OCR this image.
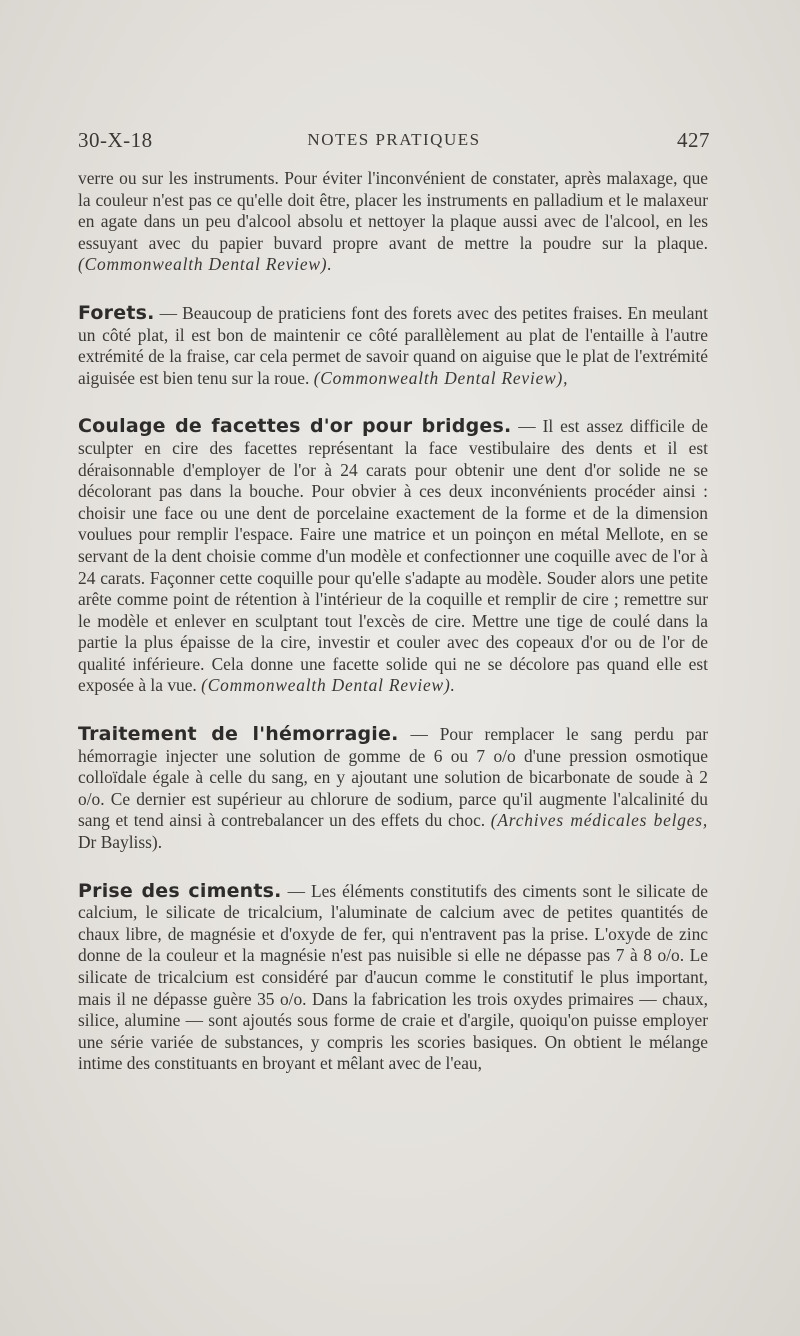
30-X-18	NOTES PRATIQUES	427

verre ou sur les instruments. Pour éviter l'inconvénient de constater, après malaxage, que la couleur n'est pas ce qu'elle doit être, placer les instruments en palladium et le malaxeur en agate dans un peu d'alcool absolu et nettoyer la plaque aussi avec de l'alcool, en les essuyant avec du papier buvard propre avant de mettre la poudre sur la plaque. (Commonwealth Dental Review).

Forets. — Beaucoup de praticiens font des forets avec des petites fraises. En meulant un côté plat, il est bon de maintenir ce côté parallèlement au plat de l'entaille à l'autre extrémité de la fraise, car cela permet de savoir quand on aiguise que le plat de l'extrémité aiguisée est bien tenu sur la roue. (Commonwealth Dental Review),

Coulage de facettes d'or pour bridges. — Il est assez difficile de sculpter en cire des facettes représentant la face vestibulaire des dents et il est déraisonnable d'employer de l'or à 24 carats pour obtenir une dent d'or solide ne se décolorant pas dans la bouche. Pour obvier à ces deux inconvénients procéder ainsi : choisir une face ou une dent de porcelaine exactement de la forme et de la dimension voulues pour remplir l'espace. Faire une matrice et un poinçon en métal Mellote, en se servant de la dent choisie comme d'un modèle et confectionner une coquille avec de l'or à 24 carats. Façonner cette coquille pour qu'elle s'adapte au modèle. Souder alors une petite arête comme point de rétention à l'intérieur de la coquille et remplir de cire ; remettre sur le modèle et enlever en sculptant tout l'excès de cire. Mettre une tige de coulé dans la partie la plus épaisse de la cire, investir et couler avec des copeaux d'or ou de l'or de qualité inférieure. Cela donne une facette solide qui ne se décolore pas quand elle est exposée à la vue. (Commonwealth Dental Review).

Traitement de l'hémorragie. — Pour remplacer le sang perdu par hémorragie injecter une solution de gomme de 6 ou 7 o/o d'une pression osmotique colloïdale égale à celle du sang, en y ajoutant une solution de bicarbonate de soude à 2 o/o. Ce dernier est supérieur au chlorure de sodium, parce qu'il augmente l'alcalinité du sang et tend ainsi à contrebalancer un des effets du choc. (Archives médicales belges, Dr Bayliss).

Prise des ciments. — Les éléments constitutifs des ciments sont le silicate de calcium, le silicate de tricalcium, l'aluminate de calcium avec de petites quantités de chaux libre, de magnésie et d'oxyde de fer, qui n'entravent pas la prise. L'oxyde de zinc donne de la couleur et la magnésie n'est pas nuisible si elle ne dépasse pas 7 à 8 o/o. Le silicate de tricalcium est considéré par d'aucun comme le constitutif le plus important, mais il ne dépasse guère 35 o/o. Dans la fabrication les trois oxydes primaires — chaux, silice, alumine — sont ajoutés sous forme de craie et d'argile, quoiqu'on puisse employer une série variée de substances, y compris les scories basiques. On obtient le mélange intime des constituants en broyant et mêlant avec de l'eau,
